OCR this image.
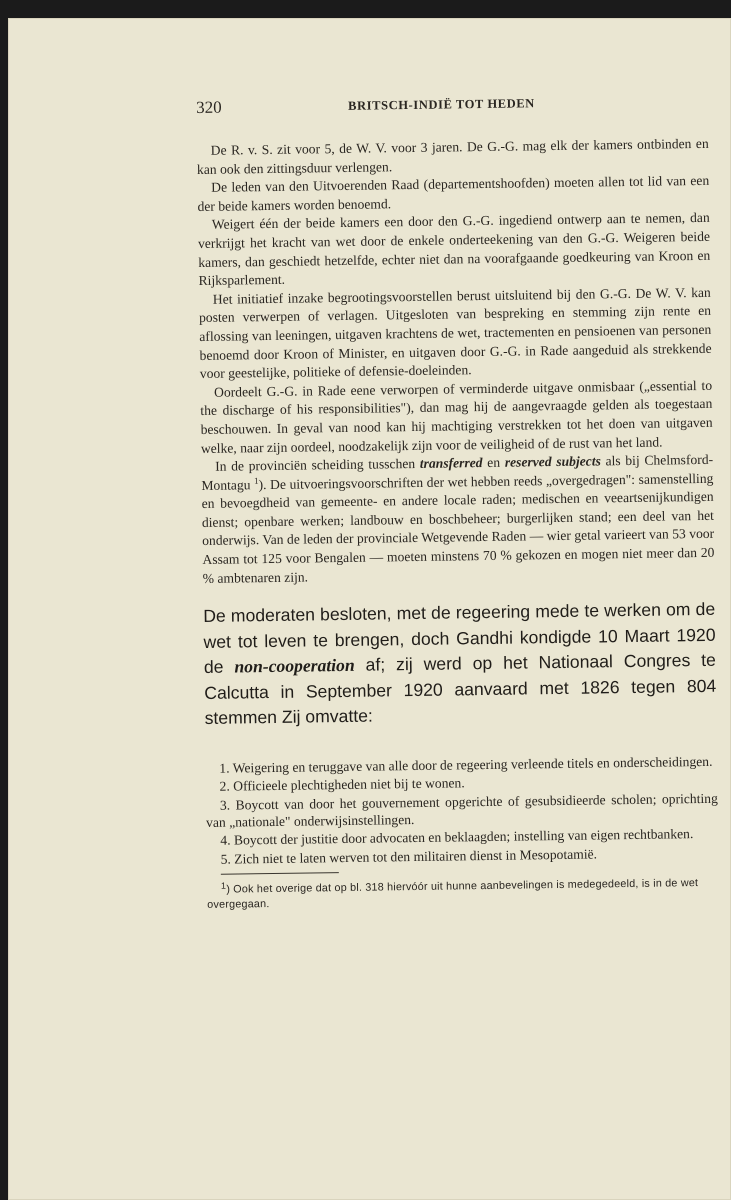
320	BRITSCH-INDIË TOT HEDEN

De R. v. S. zit voor 5, de W. V. voor 3 jaren. De G.-G. mag elk der kamers ontbinden en kan ook den zittingsduur verlengen.

De leden van den Uitvoerenden Raad (departementshoofden) moeten allen tot lid van een der beide kamers worden benoemd.

Weigert één der beide kamers een door den G.-G. ingediend ontwerp aan te nemen, dan verkrijgt het kracht van wet door de enkele onderteekening van den G.-G. Weigeren beide kamers, dan geschiedt hetzelfde, echter niet dan na voorafgaande goedkeuring van Kroon en Rijksparlement.

Het initiatief inzake begrootingsvoorstellen berust uitsluitend bij den G.-G. De W. V. kan posten verwerpen of verlagen. Uitgesloten van bespreking en stemming zijn rente en aflossing van leeningen, uitgaven krachtens de wet, tractementen en pensioenen van personen benoemd door Kroon of Minister, en uitgaven door G.-G. in Rade aangeduid als strekkende voor geestelijke, politieke of defensie-doeleinden.

Oordeelt G.-G. in Rade eene verworpen of verminderde uitgave onmisbaar („essential to the discharge of his responsibilities"), dan mag hij de aangevraagde gelden als toegestaan beschouwen. In geval van nood kan hij machtiging verstrekken tot het doen van uitgaven welke, naar zijn oordeel, noodzakelijk zijn voor de veiligheid of de rust van het land.

In de provinciën scheiding tusschen transferred en reserved subjects als bij Chelmsford-Montagu $^1$). De uitvoeringsvoorschriften der wet hebben reeds „overgedragen": samenstelling en bevoegdheid van gemeente- en andere locale raden; medischen en veeartsenijkundigen dienst; openbare werken; landbouw en boschbeheer; burgerlijken stand; een deel van het onderwijs. Van de leden der provinciale Wetgevende Raden — wier getal varieert van 53 voor Assam tot 125 voor Bengalen — moeten minstens 70 % gekozen en mogen niet meer dan 20 % ambtenaren zijn.

De moderaten besloten, met de regeering mede te werken om de wet tot leven te brengen, doch Gandhi kondigde 10 Maart 1920 de non-cooperation af; zij werd op het Nationaal Congres te Calcutta in September 1920 aanvaard met 1826 tegen 804 stemmen Zij omvatte:

1. Weigering en teruggave van alle door de regeering verleende titels en onderscheidingen.

2. Officieele plechtigheden niet bij te wonen.

3. Boycott van door het gouvernement opgerichte of gesubsidieerde scholen; oprichting van „nationale" onderwijsinstellingen.

4. Boycott der justitie door advocaten en beklaagden; instelling van eigen rechtbanken.

5. Zich niet te laten werven tot den militairen dienst in Mesopotamië.

$^1$) Ook het overige dat op bl. 318 hiervóór uit hunne aanbevelingen is medegedeeld, is in de wet overgegaan.
